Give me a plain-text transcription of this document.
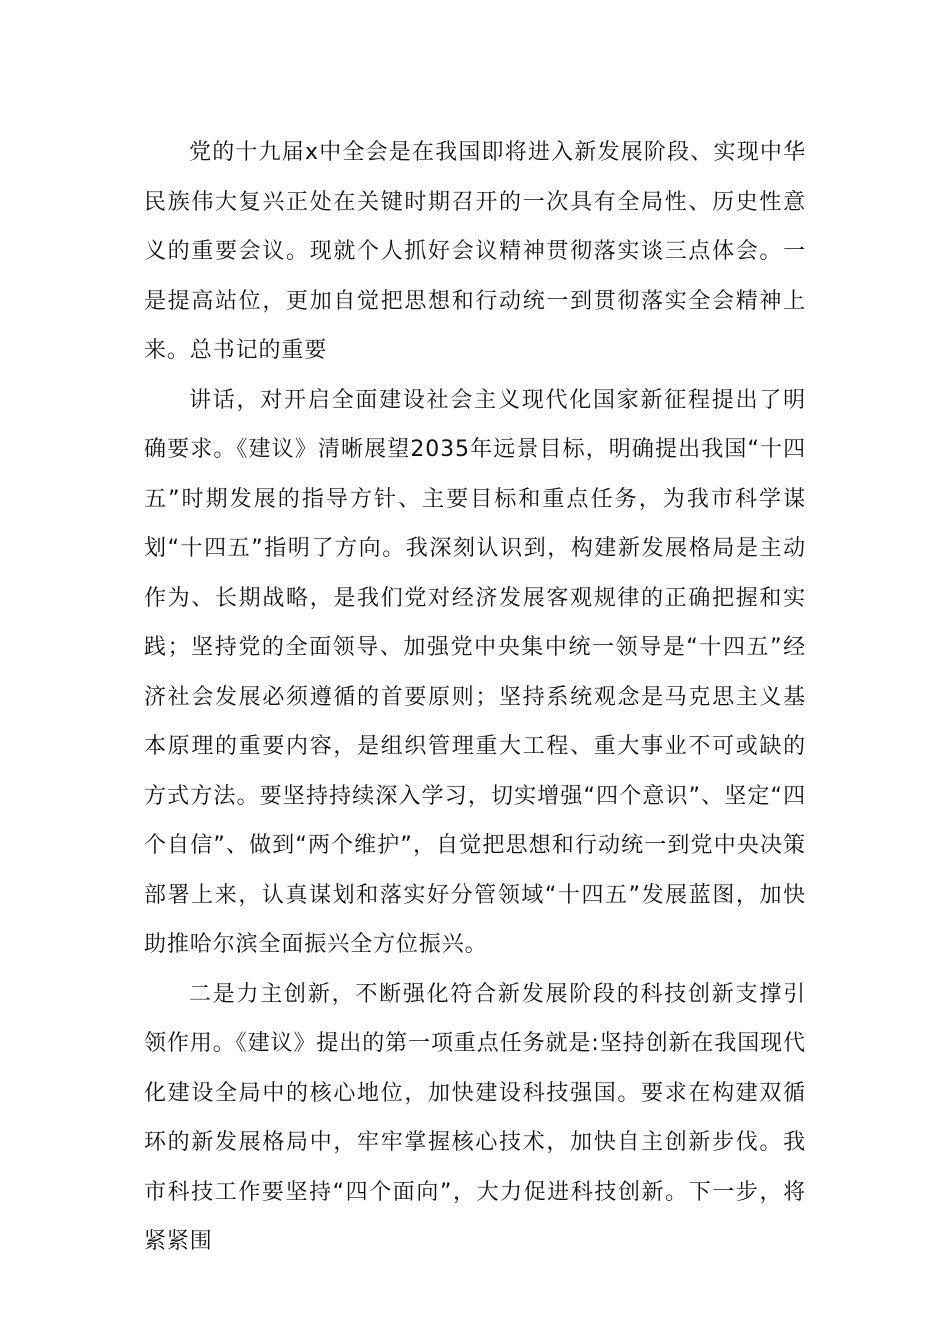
党的十九届x中全会是在我国即将进入新发展阶段、实现中华民族伟大复兴正处在关键时期召开的一次具有全局性、历史性意义的重要会议。现就个人抓好会议精神贯彻落实谈三点体会。一是提高站位，更加自觉把思想和行动统一到贯彻落实全会精神上来。总书记的重要

讲话，对开启全面建设社会主义现代化国家新征程提出了明确要求。《建议》清晰展望2035年远景目标，明确提出我国“十四五”时期发展的指导方针、主要目标和重点任务，为我市科学谋划“十四五”指明了方向。我深刻认识到，构建新发展格局是主动作为、长期战略，是我们党对经济发展客观规律的正确把握和实践；坚持党的全面领导、加强党中央集中统一领导是“十四五”经济社会发展必须遵循的首要原则；坚持系统观念是马克思主义基本原理的重要内容，是组织管理重大工程、重大事业不可或缺的方式方法。要坚持持续深入学习，切实增强“四个意识”、坚定“四个自信”、做到“两个维护”，自觉把思想和行动统一到党中央决策部署上来，认真谋划和落实好分管领域“十四五”发展蓝图，加快助推哈尔滨全面振兴全方位振兴。

二是力主创新，不断强化符合新发展阶段的科技创新支撑引领作用。《建议》提出的第一项重点任务就是:坚持创新在我国现代化建设全局中的核心地位，加快建设科技强国。要求在构建双循环的新发展格局中，牢牢掌握核心技术，加快自主创新步伐。我市科技工作要坚持“四个面向”，大力促进科技创新。下一步，将紧紧围
